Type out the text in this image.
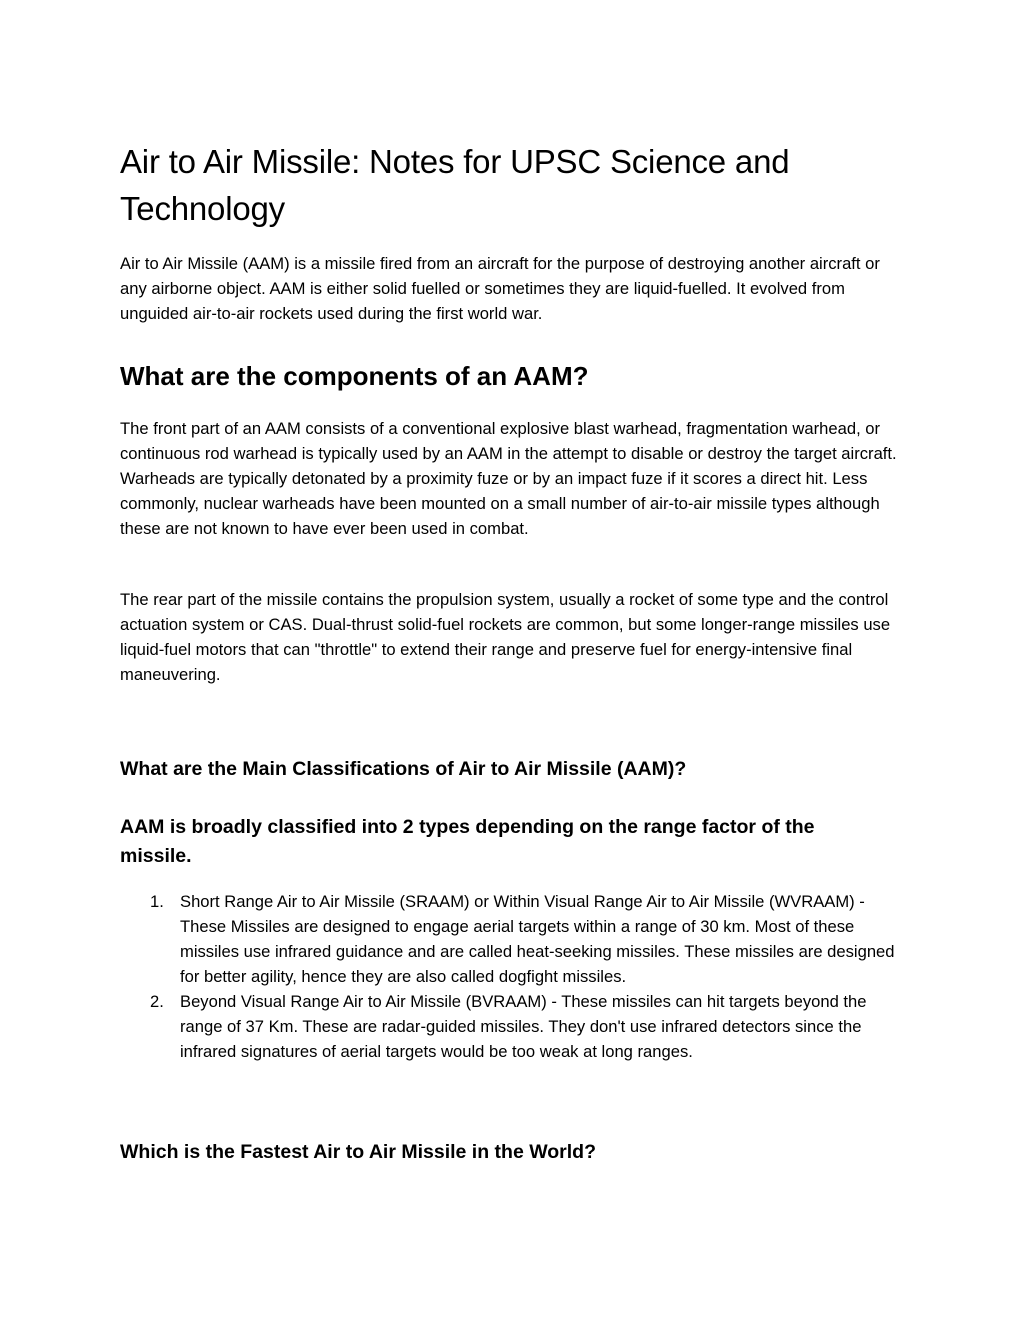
Air to Air Missile: Notes for UPSC Science and Technology

Air to Air Missile (AAM) is a missile fired from an aircraft for the purpose of destroying another aircraft or any airborne object. AAM is either solid fuelled or sometimes they are liquid-fuelled. It evolved from unguided air-to-air rockets used during the first world war.

What are the components of an AAM?

The front part of an AAM consists of a conventional explosive blast warhead, fragmentation warhead, or continuous rod warhead is typically used by an AAM in the attempt to disable or destroy the target aircraft. Warheads are typically detonated by a proximity fuze or by an impact fuze if it scores a direct hit. Less commonly, nuclear warheads have been mounted on a small number of air-to-air missile types although these are not known to have ever been used in combat.

The rear part of the missile contains the propulsion system, usually a rocket of some type and the control actuation system or CAS. Dual-thrust solid-fuel rockets are common, but some longer-range missiles use liquid-fuel motors that can "throttle" to extend their range and preserve fuel for energy-intensive final maneuvering.

What are the Main Classifications of Air to Air Missile (AAM)?
AAM is broadly classified into 2 types depending on the range factor of the missile.
1. Short Range Air to Air Missile (SRAAM) or Within Visual Range Air to Air Missile (WVRAAM) - These Missiles are designed to engage aerial targets within a range of 30 km. Most of these missiles use infrared guidance and are called heat-seeking missiles. These missiles are designed for better agility, hence they are also called dogfight missiles.
2. Beyond Visual Range Air to Air Missile (BVRAAM) - These missiles can hit targets beyond the range of 37 Km. These are radar-guided missiles. They don't use infrared detectors since the infrared signatures of aerial targets would be too weak at long ranges.
Which is the Fastest Air to Air Missile in the World?
